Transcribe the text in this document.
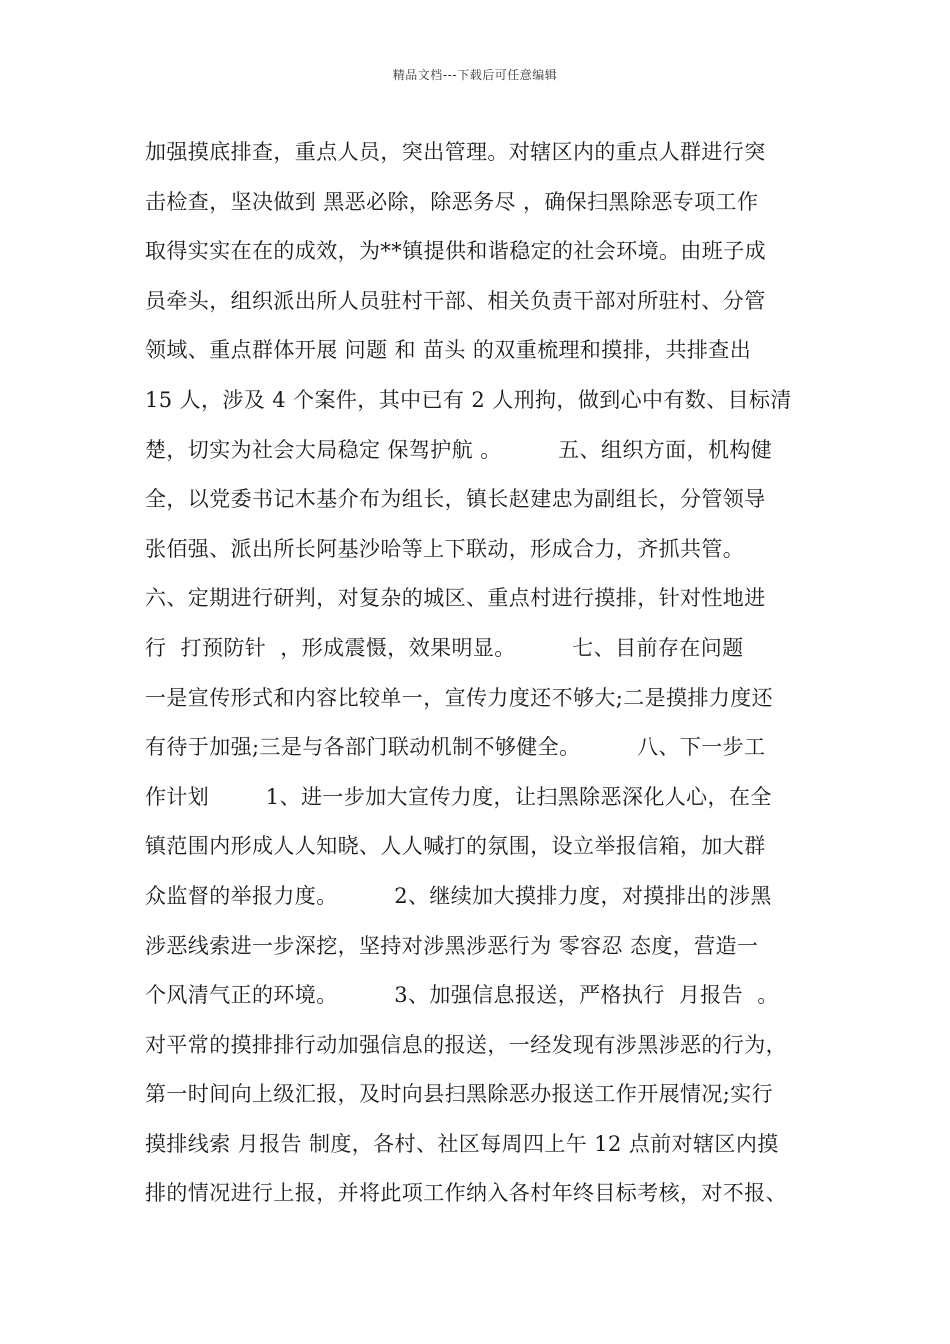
精品文档---下载后可任意编辑
加强摸底排查，重点人员，突出管理。对辖区内的重点人群进行突
击检查，坚决做到 黑恶必除，除恶务尽 ，确保扫黑除恶专项工作
取得实实在在的成效，为**镇提供和谐稳定的社会环境。由班子成
员牵头，组织派出所人员驻村干部、相关负责干部对所驻村、分管
领域、重点群体开展 问题 和 苗头 的双重梳理和摸排，共排查出
15 人，涉及 4 个案件，其中已有 2 人刑拘，做到心中有数、目标清
楚，切实为社会大局稳定 保驾护航 。        五、组织方面，机构健
全，以党委书记木基介布为组长，镇长赵建忠为副组长，分管领导
张佰强、派出所长阿基沙哈等上下联动，形成合力，齐抓共管。
六、定期进行研判，对复杂的城区、重点村进行摸排，针对性地进
行  打预防针  ，形成震慑，效果明显。        七、目前存在问题
一是宣传形式和内容比较单一，宣传力度还不够大;二是摸排力度还
有待于加强;三是与各部门联动机制不够健全。        八、下一步工
作计划        1、进一步加大宣传力度，让扫黑除恶深化人心，在全
镇范围内形成人人知晓、人人喊打的氛围，设立举报信箱，加大群
众监督的举报力度。        2、继续加大摸排力度，对摸排出的涉黑
涉恶线索进一步深挖，坚持对涉黑涉恶行为 零容忍 态度，营造一
个风清气正的环境。        3、加强信息报送，严格执行  月报告  。
对平常的摸排排行动加强信息的报送，一经发现有涉黑涉恶的行为，
第一时间向上级汇报，及时向县扫黑除恶办报送工作开展情况;实行
摸排线索 月报告 制度，各村、社区每周四上午 12 点前对辖区内摸
排的情况进行上报，并将此项工作纳入各村年终目标考核，对不报、
